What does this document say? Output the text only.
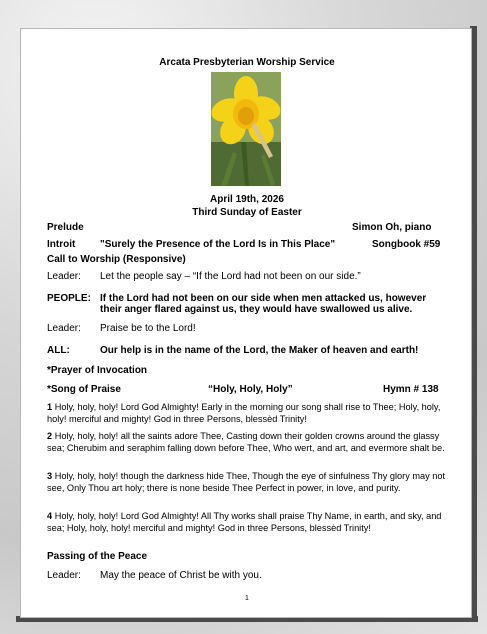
Arcata Presbyterian Worship Service
April 19th, 2026
Third Sunday of Easter
Prelude	Simon Oh, piano
Introit "Surely the Presence of the Lord Is in This Place"	Songbook #59
Call to Worship (Responsive)
Leader: Let the people say – “If the Lord had not been on our side.”
PEOPLE: If the Lord had not been on our side when men attacked us, however
their anger flared against us, they would have swallowed us alive.
Leader: Praise be to the Lord!
ALL:	Our help is in the name of the Lord, the Maker of heaven and earth!
*Prayer of Invocation
*Song of Praise	“Holy, Holy, Holy”	Hymn # 138
1 Holy, holy, holy! Lord God Almighty! Early in the morning our song shall rise to Thee; Holy, holy, holy! merciful and mighty! God in three Persons, blessèd Trinity!
2 Holy, holy, holy! all the saints adore Thee, Casting down their golden crowns around the glassy sea; Cherubim and seraphim falling down before Thee, Who wert, and art, and evermore shalt be.
3 Holy, holy, holy! though the darkness hide Thee, Though the eye of sinfulness Thy glory may not see, Only Thou art holy; there is none beside Thee Perfect in power, in love, and purity.
4 Holy, holy, holy! Lord God Almighty! All Thy works shall praise Thy Name, in earth, and sky, and sea; Holy, holy, holy! merciful and mighty! God in three Persons, blessèd Trinity!
Passing of the Peace
Leader: May the peace of Christ be with you.
1
